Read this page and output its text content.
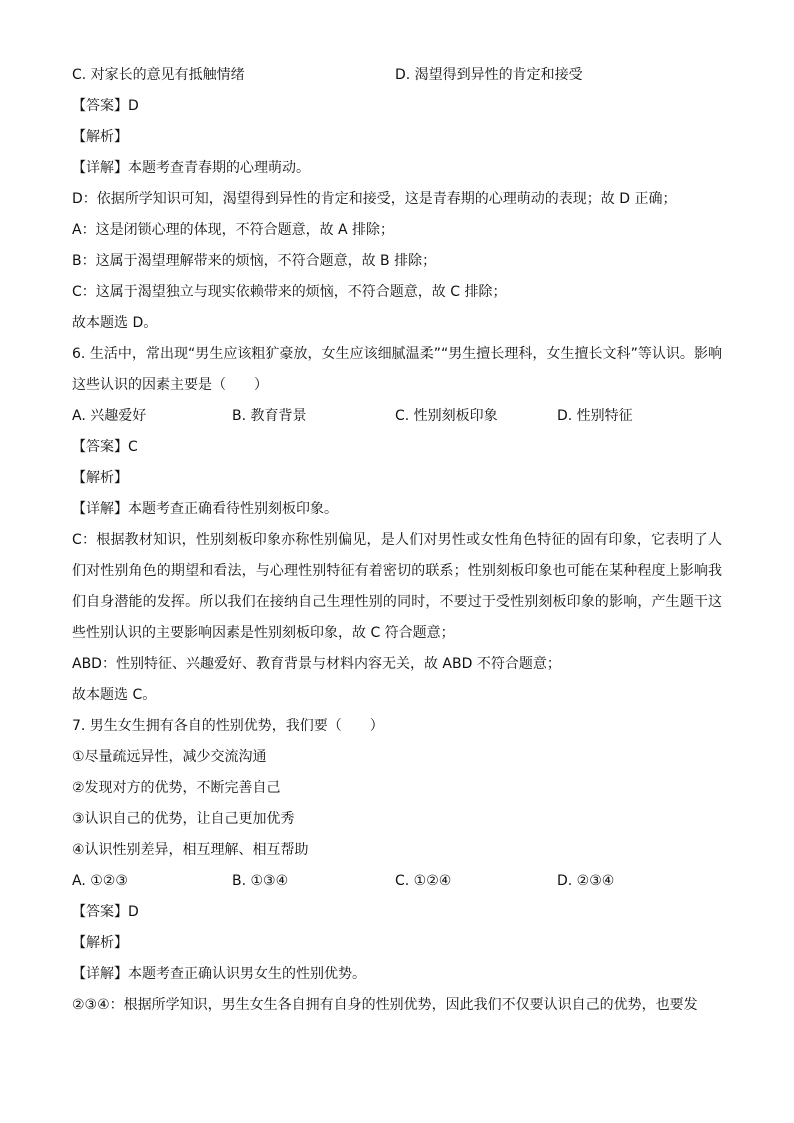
C. 对家长的意见有抵触情绪	D. 渴望得到异性的肯定和接受
【答案】D
【解析】
【详解】本题考查青春期的心理萌动。
D：依据所学知识可知，渴望得到异性的肯定和接受，这是青春期的心理萌动的表现；故 D 正确；
A：这是闭锁心理的体现，不符合题意，故 A 排除；
B：这属于渴望理解带来的烦恼，不符合题意，故 B 排除；
C：这属于渴望独立与现实依赖带来的烦恼，不符合题意，故 C 排除；
故本题选 D。
6. 生活中，常出现“男生应该粗犷豪放，女生应该细腻温柔”“男生擅长理科，女生擅长文科”等认识。影响这些认识的因素主要是（　　）
A. 兴趣爱好	B. 教育背景	C. 性别刻板印象	D. 性别特征
【答案】C
【解析】
【详解】本题考查正确看待性别刻板印象。
C：根据教材知识，性别刻板印象亦称性别偏见，是人们对男性或女性角色特征的固有印象，它表明了人们对性别角色的期望和看法，与心理性别特征有着密切的联系；性别刻板印象也可能在某种程度上影响我们自身潜能的发挥。所以我们在接纳自己生理性别的同时，不要过于受性别刻板印象的影响，产生题干这些性别认识的主要影响因素是性别刻板印象，故 C 符合题意；
ABD：性别特征、兴趣爱好、教育背景与材料内容无关，故 ABD 不符合题意；
故本题选 C。
7. 男生女生拥有各自的性别优势，我们要（　　）
①尽量疏远异性，减少交流沟通
②发现对方的优势，不断完善自己
③认识自己的优势，让自己更加优秀
④认识性别差异，相互理解、相互帮助
A. ①②③	B. ①③④	C. ①②④	D. ②③④
【答案】D
【解析】
【详解】本题考查正确认识男女生的性别优势。
②③④：根据所学知识，男生女生各自拥有自身的性别优势，因此我们不仅要认识自己的优势，也要发
